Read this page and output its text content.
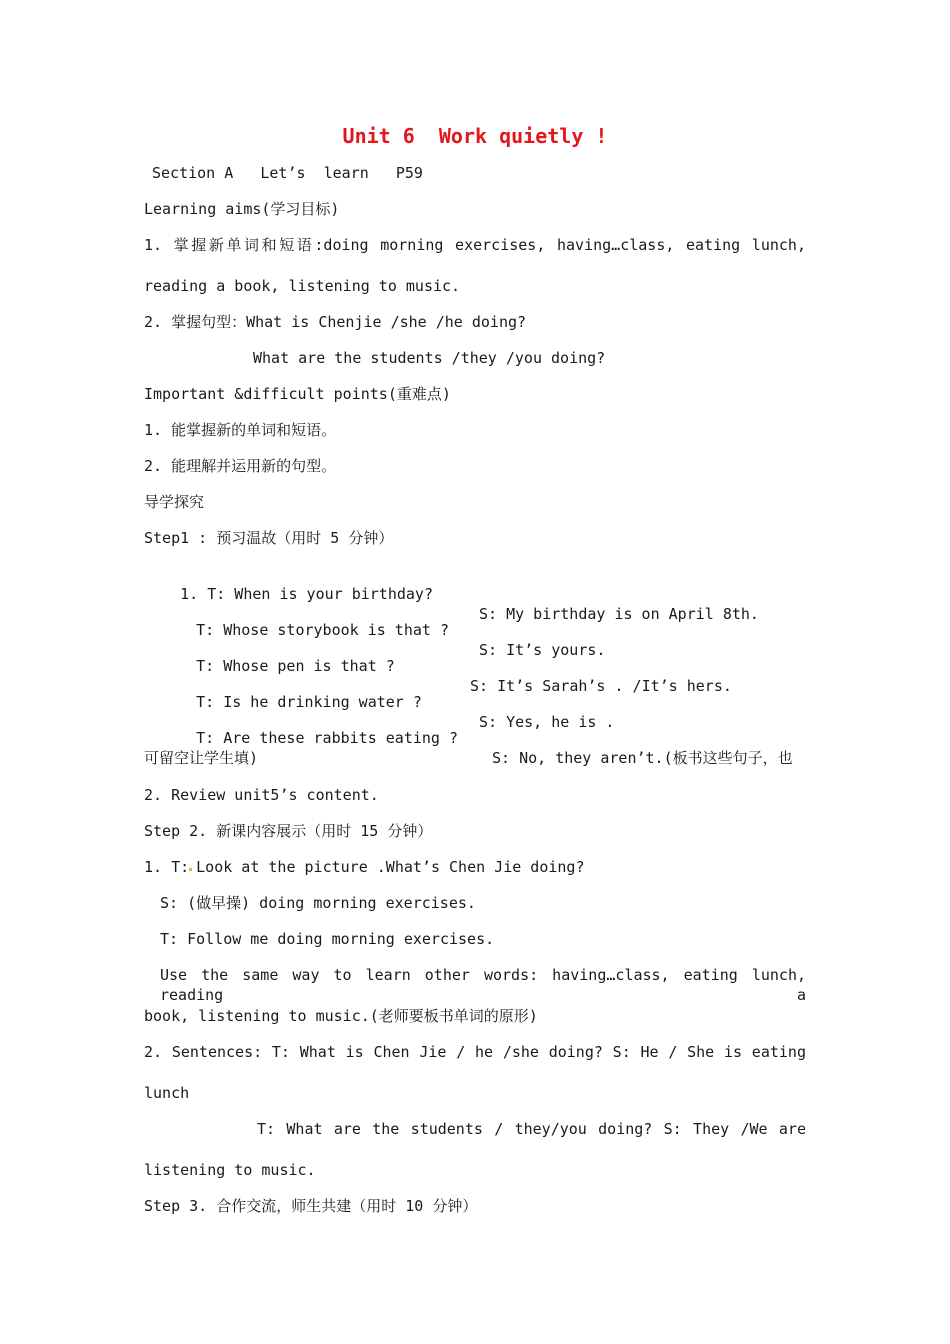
Unit 6  Work quietly !
Section A   Let’s  learn   P59
Learning aims(学习目标)
1. 掌握新单词和短语:doing morning exercises, having…class, eating lunch,
reading a book, listening to music.
2. 掌握句型：What is Chenjie /she /he doing?
What are the students /they /you doing?
Important &difficult points(重难点)
1. 能掌握新的单词和短语。
2. 能理解并运用新的句型。
导学探究
Step1 : 预习温故（用时 5 分钟）

1. T: When is your birthday?

S: My birthday is on April 8th.

T: Whose storybook is that ?

S: It’s yours.

T: Whose pen is that ?

S: It’s Sarah’s . /It’s hers.

T: Is he drinking water ?

S: Yes, he is .

T: Are these rabbits eating ?

S: No, they aren’t.(板书这些句子，也

可留空让学生填)
2. Review unit5’s content.
Step 2. 新课内容展示（用时 15 分钟）
1. T: Look at the picture .What’s Chen Jie doing?
S: (做早操) doing morning exercises.
T: Follow me doing morning exercises.
Use the same way to learn other words: having…class, eating lunch, reading a
book, listening to music.(老师要板书单词的原形)
2. Sentences: T: What is Chen Jie / he /she doing? S: He / She is eating
lunch
T: What are the students / they/you doing? S: They /We are
listening to music.
Step 3. 合作交流，师生共建（用时 10 分钟）
